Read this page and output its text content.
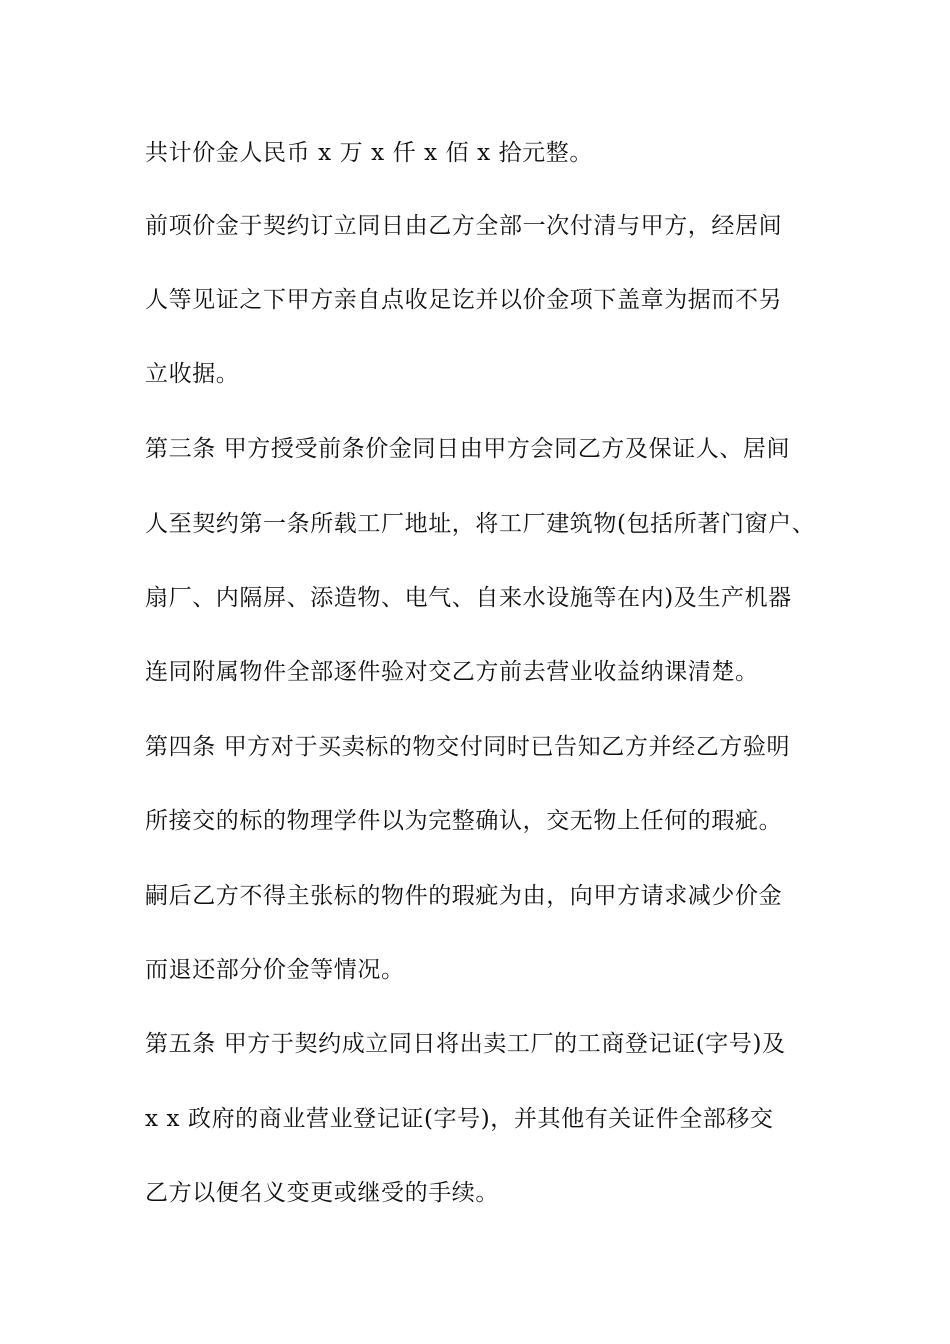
共计价金人民币 x 万 x 仟 x 佰 x 拾元整。
前项价金于契约订立同日由乙方全部一次付清与甲方，经居间
人等见证之下甲方亲自点收足讫并以价金项下盖章为据而不另
立收据。
第三条 甲方授受前条价金同日由甲方会同乙方及保证人、居间
人至契约第一条所载工厂地址，将工厂建筑物(包括所著门窗户、
扇厂、内隔屏、添造物、电气、自来水设施等在内)及生产机器
连同附属物件全部逐件验对交乙方前去营业收益纳课清楚。
第四条 甲方对于买卖标的物交付同时已告知乙方并经乙方验明
所接交的标的物理学件以为完整确认，交无物上任何的瑕疵。
嗣后乙方不得主张标的物件的瑕疵为由，向甲方请求减少价金
而退还部分价金等情况。
第五条 甲方于契约成立同日将出卖工厂的工商登记证(字号)及
x x 政府的商业营业登记证(字号)，并其他有关证件全部移交
乙方以便名义变更或继受的手续。
